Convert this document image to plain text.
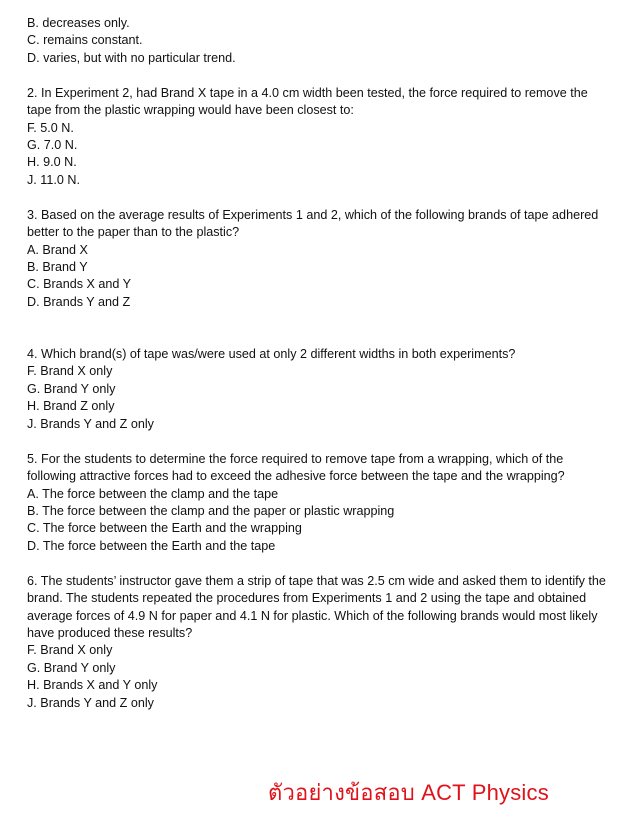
B. decreases only.

C. remains constant.

D. varies, but with no particular trend.

2. In Experiment 2, had Brand X tape in a 4.0 cm width been tested, the force required to remove the tape from the plastic wrapping would have been closest to:

F. 5.0 N.

G. 7.0 N.

H. 9.0 N.

J. 11.0 N.

3. Based on the average results of Experiments 1 and 2, which of the following brands of tape adhered better to the paper than to the plastic?

A. Brand X

B. Brand Y

C. Brands X and Y

D. Brands Y and Z

4. Which brand(s) of tape was/were used at only 2 different widths in both experiments?

F. Brand X only

G. Brand Y only

H. Brand Z only

J. Brands Y and Z only

5. For the students to determine the force required to remove tape from a wrapping, which of the following attractive forces had to exceed the adhesive force between the tape and the wrapping?

A. The force between the clamp and the tape

B. The force between the clamp and the paper or plastic wrapping

C. The force between the Earth and the wrapping

D. The force between the Earth and the tape

6. The students’ instructor gave them a strip of tape that was 2.5 cm wide and asked them to identify the brand. The students repeated the procedures from Experiments 1 and 2 using the tape and obtained average forces of 4.9 N for paper and 4.1 N for plastic. Which of the following brands would most likely have produced these results?

F. Brand X only

G. Brand Y only

H. Brands X and Y only

J. Brands Y and Z only

ตัวอย่างข้อสอบ ACT Physics
